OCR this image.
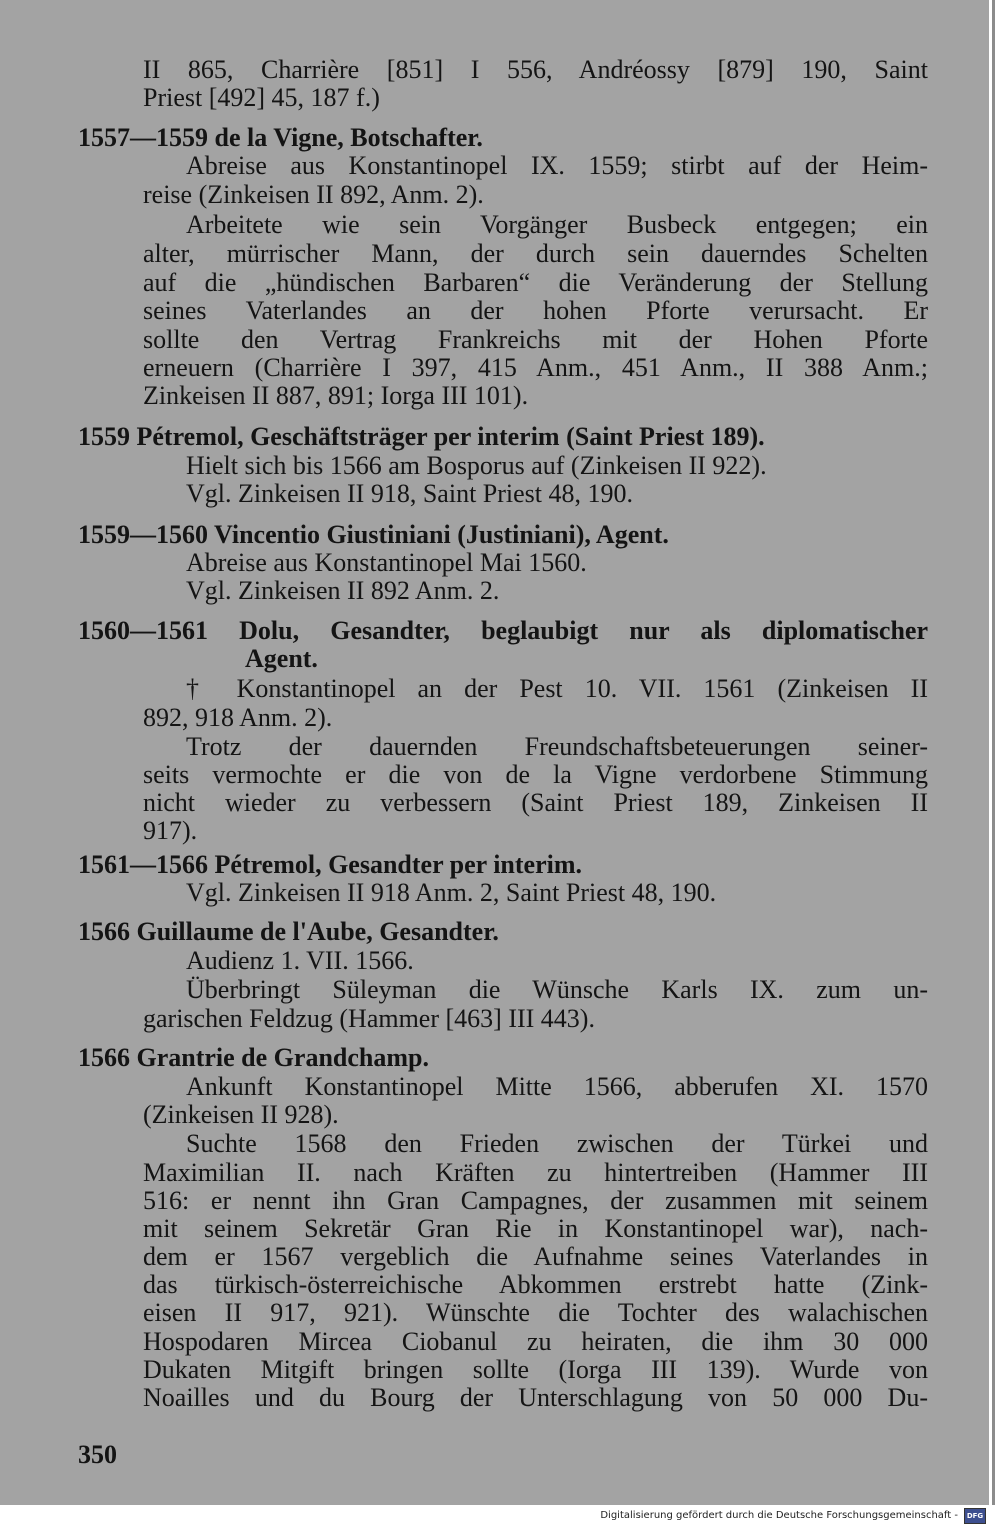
II 865, Charrière [851] I 556, Andréossy [879] 190, Saint
Priest [492] 45, 187 f.)
1557—1559 de la Vigne, Botschafter.
Abreise aus Konstantinopel IX. 1559; stirbt auf der Heim-
reise (Zinkeisen II 892, Anm. 2).
Arbeitete wie sein Vorgänger Busbeck entgegen; ein
alter, mürrischer Mann, der durch sein dauerndes Schelten
auf die „hündischen Barbaren“ die Veränderung der Stellung
seines Vaterlandes an der hohen Pforte verursacht. Er
sollte den Vertrag Frankreichs mit der Hohen Pforte
erneuern (Charrière I 397, 415 Anm., 451 Anm., II 388 Anm.;
Zinkeisen II 887, 891; Iorga III 101).
1559 Pétremol, Geschäftsträger per interim (Saint Priest 189).
Hielt sich bis 1566 am Bosporus auf (Zinkeisen II 922).
Vgl. Zinkeisen II 918, Saint Priest 48, 190.
1559—1560 Vincentio Giustiniani (Justiniani), Agent.
Abreise aus Konstantinopel Mai 1560.
Vgl. Zinkeisen II 892 Anm. 2.
1560—1561 Dolu, Gesandter, beglaubigt nur als diplomatischer
Agent.
† Konstantinopel an der Pest 10. VII. 1561 (Zinkeisen II
892, 918 Anm. 2).
Trotz der dauernden Freundschaftsbeteuerungen seiner-
seits vermochte er die von de la Vigne verdorbene Stimmung
nicht wieder zu verbessern (Saint Priest 189, Zinkeisen II
917).
1561—1566 Pétremol, Gesandter per interim.
Vgl. Zinkeisen II 918 Anm. 2, Saint Priest 48, 190.
1566 Guillaume de l'Aube, Gesandter.
Audienz 1. VII. 1566.
Überbringt Süleyman die Wünsche Karls IX. zum un-
garischen Feldzug (Hammer [463] III 443).
1566 Grantrie de Grandchamp.
Ankunft Konstantinopel Mitte 1566, abberufen XI. 1570
(Zinkeisen II 928).
Suchte 1568 den Frieden zwischen der Türkei und
Maximilian II. nach Kräften zu hintertreiben (Hammer III
516: er nennt ihn Gran Campagnes, der zusammen mit seinem
mit seinem Sekretär Gran Rie in Konstantinopel war), nach-
dem er 1567 vergeblich die Aufnahme seines Vaterlandes in
das türkisch-österreichische Abkommen erstrebt hatte (Zink-
eisen II 917, 921). Wünschte die Tochter des walachischen
Hospodaren Mircea Ciobanul zu heiraten, die ihm 30 000
Dukaten Mitgift bringen sollte (Iorga III 139). Wurde von
Noailles und du Bourg der Unterschlagung von 50 000 Du-
350
Digitalisierung gefördert durch die Deutsche Forschungsgemeinschaft -	DFG
